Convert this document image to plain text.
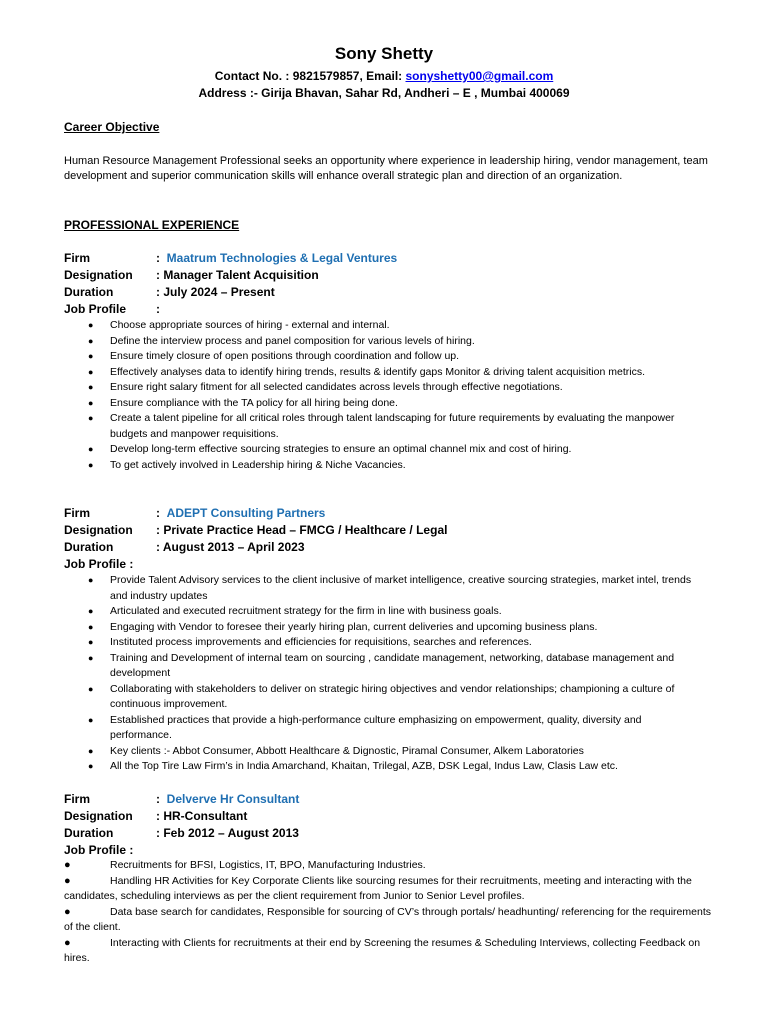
Sony Shetty
Contact No. : 9821579857, Email: sonyshetty00@gmail.com
Address :- Girija Bhavan, Sahar Rd, Andheri – E , Mumbai 400069
Career Objective
Human Resource Management Professional seeks an opportunity where experience in leadership hiring, vendor management, team development and superior communication skills will enhance overall strategic plan and direction of an organization.
PROFESSIONAL EXPERIENCE
Firm	: Maatrum Technologies & Legal Ventures
Designation : Manager Talent Acquisition
Duration	: July 2024 – Present
Job Profile :
● Choose appropriate sources of hiring - external and internal.
● Define the interview process and panel composition for various levels of hiring.
● Ensure timely closure of open positions through coordination and follow up.
● Effectively analyses data to identify hiring trends, results & identify gaps Monitor & driving talent acquisition metrics.
● Ensure right salary fitment for all selected candidates across levels through effective negotiations.
● Ensure compliance with the TA policy for all hiring being done.
● Create a talent pipeline for all critical roles through talent landscaping for future requirements by evaluating the manpower budgets and manpower requisitions.
● Develop long-term effective sourcing strategies to ensure an optimal channel mix and cost of hiring.
● To get actively involved in Leadership hiring & Niche Vacancies.
Firm	: ADEPT Consulting Partners
Designation : Private Practice Head – FMCG / Healthcare / Legal
Duration	: August 2013 – April 2023
Job Profile :
● Provide Talent Advisory services to the client inclusive of market intelligence, creative sourcing strategies, market intel, trends and industry updates
● Articulated and executed recruitment strategy for the firm in line with business goals.
● Engaging with Vendor to foresee their yearly hiring plan, current deliveries and upcoming business plans.
● Instituted process improvements and efficiencies for requisitions, searches and references.
● Training and Development of internal team on sourcing , candidate management, networking, database management and development
● Collaborating with stakeholders to deliver on strategic hiring objectives and vendor relationships; championing a culture of continuous improvement.
● Established practices that provide a high-performance culture emphasizing on empowerment, quality, diversity and performance.
● Key clients :- Abbot Consumer, Abbott Healthcare & Dignostic, Piramal Consumer, Alkem Laboratories
● All the Top Tire Law Firm’s in India Amarchand, Khaitan, Trilegal, AZB, DSK Legal, Indus Law, Clasis Law etc.
Firm	: Delverve Hr Consultant
Designation : HR-Consultant
Duration	: Feb 2012 – August 2013
Job Profile :
●	Recruitments for BFSI, Logistics, IT, BPO, Manufacturing Industries.
●	Handling HR Activities for Key Corporate Clients like sourcing resumes for their recruitments, meeting and interacting with the candidates, scheduling interviews as per the client requirement from Junior to Senior Level profiles.
●	Data base search for candidates, Responsible for sourcing of CV’s through portals/ headhunting/ referencing for the requirements of the client.
●	Interacting with Clients for recruitments at their end by Screening the resumes & Scheduling Interviews, collecting Feedback on hires.
